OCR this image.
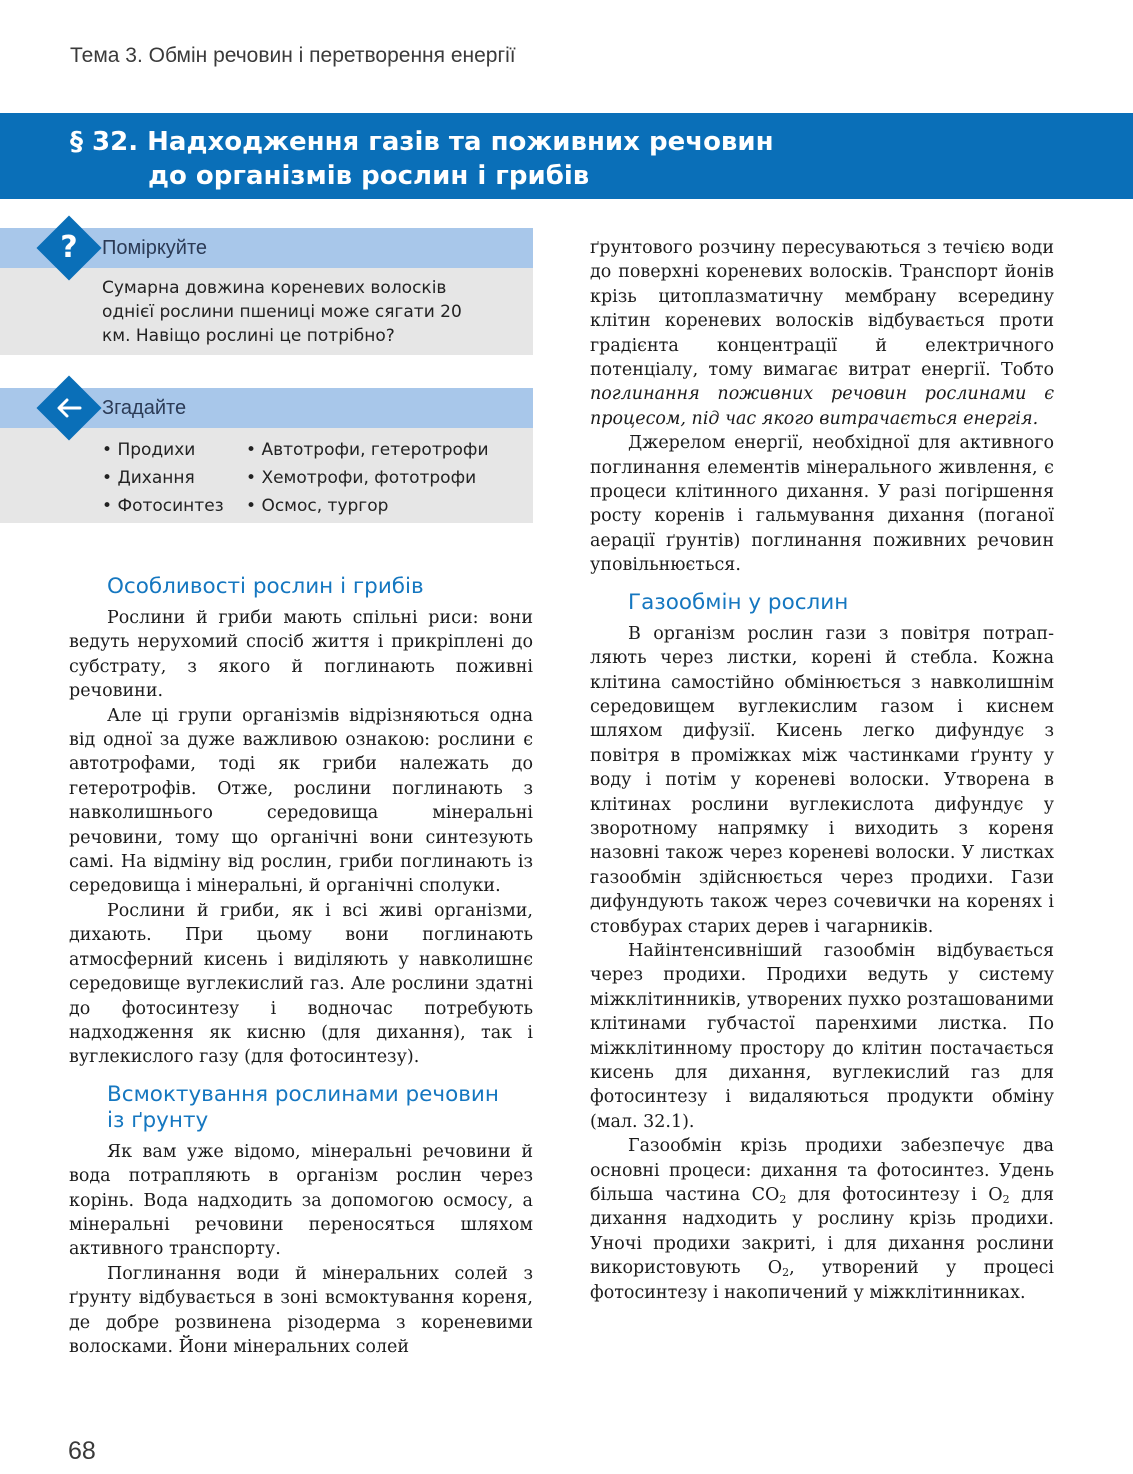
Тема 3. Обмін речовин і перетворення енергії
§ 32. Надходження газів та поживних речовин
до організмів рослин і грибів
?	Поміркуйте
Сумарна довжина кореневих волосків однієї рослини пшениці може сягати 20 км. Навіщо рослині це потрібно?
Згадайте
• Продихи
• Дихання
• Фотосинтез
• Автотрофи, гетеротрофи
• Хемотрофи, фототрофи
• Осмос, тургор
Особливості рослин і грибів

Рослини й гриби мають спільні риси: вони ведуть нерухомий спосіб життя і прикріплені до субстрату, з якого й поглинають поживні речовини.

Але ці групи організмів відрізняються одна від одної за дуже важливою ознакою: рослини є автотрофами, тоді як гриби належать до гетеротрофів. Отже, рослини поглинають з навколишнього середовища мінеральні речовини, тому що органічні вони синтезують самі. На відміну від рослин, гриби поглинають із середовища і мінеральні, й органічні сполуки.

Рослини й гриби, як і всі живі організми, дихають. При цьому вони поглинають атмосферний кисень і виділяють у навколишнє середовище вуглекислий газ. Але рослини здатні до фотосинтезу і водночас потребують надходження як кисню (для дихання), так і вуглекислого газу (для фотосинтезу).

Всмоктування рослинами речовин
із ґрунту

Як вам уже відомо, мінеральні речовини й вода потрапляють в організм рослин через корінь. Вода надходить за допомогою осмосу, а мінеральні речовини переносяться шляхом активного транспорту.

Поглинання води й мінеральних солей з ґрунту відбувається в зоні всмоктування кореня, де добре розвинена різодерма з кореневими волосками. Йони мінеральних солей

ґрунтового розчину пересуваються з течією води до поверхні кореневих волосків. Транспорт йонів крізь цитоплазматичну мембрану всередину клітин кореневих волосків відбувається проти градієнта концентрації й електричного потенціалу, тому вимагає витрат енергії. Тобто поглинання поживних речовин рослинами є процесом, під час якого витрачається енергія.

Джерелом енергії, необхідної для активного поглинання елементів мінерального живлення, є процеси клітинного дихання. У разі погіршення росту коренів і гальмування дихання (поганої аерації ґрунтів) поглинання поживних речовин уповільнюється.

Газообмін у рослин

В організм рослин гази з повітря потрапляють через листки, корені й стебла. Кожна клітина самостійно обмінюється з навколишнім середовищем вуглекислим газом і киснем шляхом дифузії. Кисень легко дифундує з повітря в проміжках між частинками ґрунту у воду і потім у кореневі волоски. Утворена в клітинах рослини вуглекислота дифундує у зворотному напрямку і виходить з кореня назовні також через кореневі волоски. У листках газообмін здійснюється через продихи. Гази дифундують також через сочевички на коренях і стовбурах старих дерев і чагарників.

Найінтенсивніший газообмін відбувається через продихи. Продихи ведуть у систему міжклітинників, утворених пухко розташованими клітинами губчастої паренхими листка. По міжклітинному простору до клітин постачається кисень для дихання, вуглекислий газ для фотосинтезу і видаляються продукти обміну (мал. 32.1).

Газообмін крізь продихи забезпечує два основні процеси: дихання та фотосинтез. Удень більша частина $CO_2$ для фотосинтезу і $O_2$ для дихання надходить у рослину крізь продихи. Уночі продихи закриті, і для дихання рослини використовують $O_2$, утворений у процесі фотосинтезу і накопичений у міжклітинниках.

68
